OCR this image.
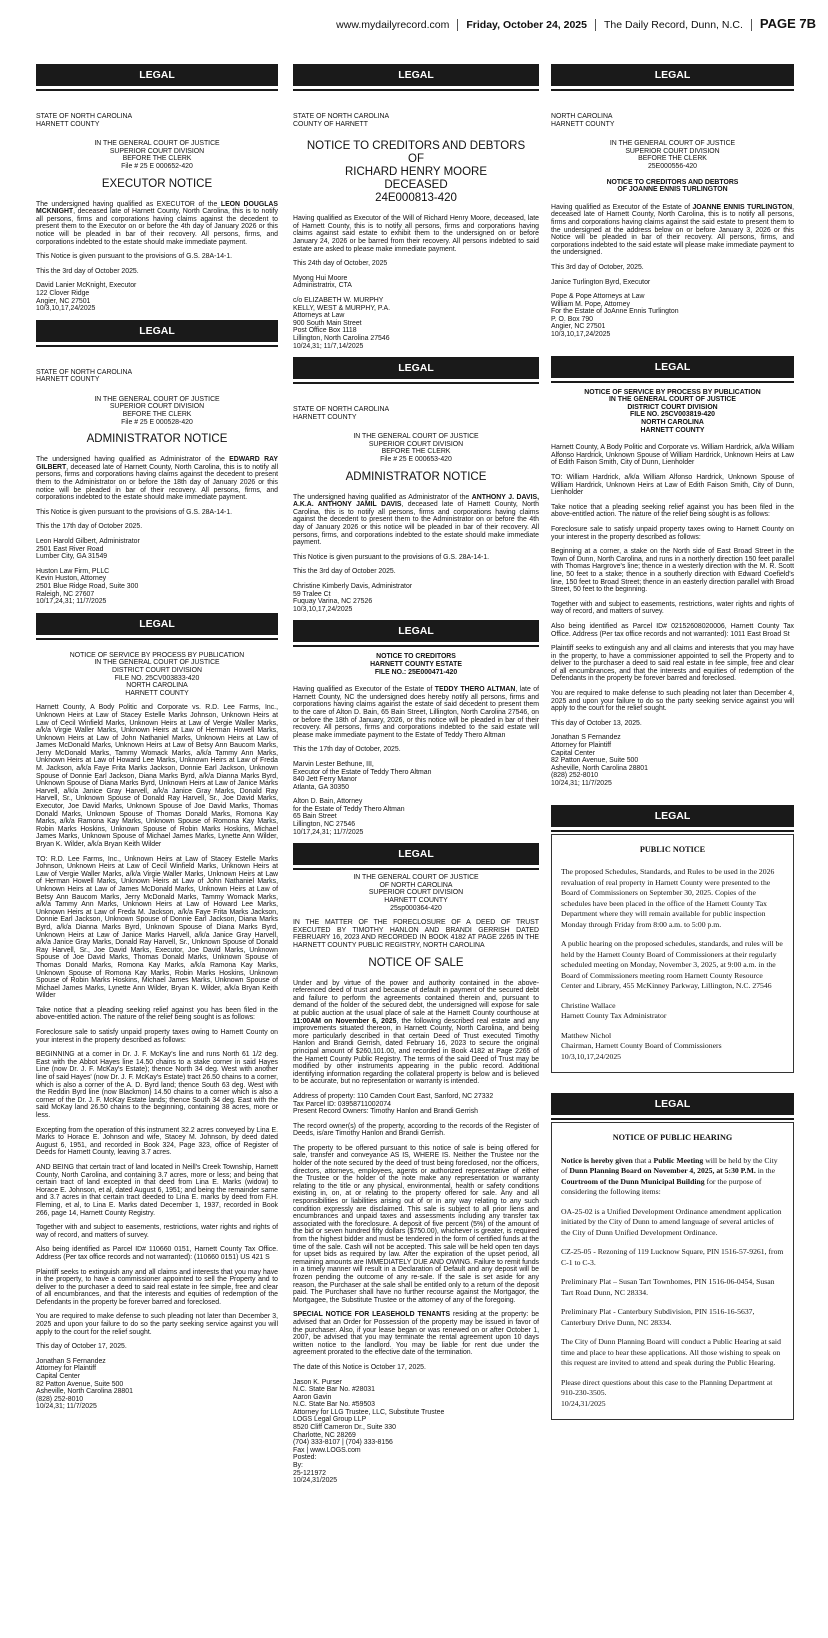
www.mydailyrecord.com Friday, October 24, 2025 The Daily Record, Dunn, N.C. PAGE 7B
LEGAL

STATE OF NORTH CAROLINA
HARNETT COUNTY

IN THE GENERAL COURT OF JUSTICE
SUPERIOR COURT DIVISION
BEFORE THE CLERK
File # 25 E 000652-420

EXECUTOR NOTICE

The undersigned having qualified as EXECUTOR of the LEON DOUGLAS MCKNIGHT, deceased late of Harnett County, North Carolina, this is to notify all persons, firms and corporations having claims against the decedent to present them to the Executor on or before the 4th day of January 2026 or this notice will be pleaded in bar of their recovery. All persons, firms, and corporations indebted to the estate should make immediate payment.

This Notice is given pursuant to the provisions of G.S. 28A-14-1.

This the 3rd day of October 2025.

David Lanier McKnight, Executor
122 Clover Ridge
Angier, NC 27501
10/3,10,17,24/2025

LEGAL

STATE OF NORTH CAROLINA
HARNETT COUNTY

IN THE GENERAL COURT OF JUSTICE
SUPERIOR COURT DIVISION
BEFORE THE CLERK
File # 25 E 000528-420

ADMINISTRATOR NOTICE

The undersigned having qualified as Administrator of the EDWARD RAY GILBERT, deceased late of Harnett County, North Carolina, this is to notify all persons, firms and corporations having claims against the decedent to present them to the Administrator on or before the 18th day of January 2026 or this notice will be pleaded in bar of their recovery. All persons, firms, and corporations indebted to the estate should make immediate payment.

This Notice is given pursuant to the provisions of G.S. 28A-14-1.

This the 17th day of October 2025.

Leon Harold Gilbert, Administrator
2501 East River Road
Lumber City, GA 31549

Huston Law Firm, PLLC
Kevin Huston, Attorney
2501 Blue Ridge Road, Suite 300
Raleigh, NC 27607
10/17,24,31; 11/7/2025

LEGAL

NOTICE OF SERVICE BY PROCESS BY PUBLICATION
IN THE GENERAL COURT OF JUSTICE
DISTRICT COURT DIVISION
FILE NO. 25CV003833-420
NORTH CAROLINA
HARNETT COUNTY

Harnett County, A Body Politic and Corporate vs. R.D. Lee Farms, Inc., Unknown Heirs at Law of Stacey Estelle Marks Johnson, Unknown Heirs at Law of Cecil Winfield Marks, Unknown Heirs at Law of Vergie Waller Marks, a/k/a Virgie Waller Marks, Unknown Heirs at Law of Herman Howell Marks, Unknown Heirs at Law of John Nathaniel Marks, Unknown Heirs at Law of James McDonald Marks, Unknown Heirs at Law of Betsy Ann Baucom Marks, Jerry McDonald Marks, Tammy Womack Marks, a/k/a Tammy Ann Marks, Unknown Heirs at Law of Howard Lee Marks, Unknown Heirs at Law of Freda M. Jackson, a/k/a Faye Frita Marks Jackson, Donnie Earl Jackson, Unknown Spouse of Donnie Earl Jackson, Diana Marks Byrd, a/k/a Dianna Marks Byrd, Unknown Spouse of Diana Marks Byrd, Unknown Heirs at Law of Janice Marks Harvell, a/k/a Janice Gray Harvell, a/k/a Janice Gray Marks, Donald Ray Harvell, Sr., Unknown Spouse of Donald Ray Harvell, Sr., Joe David Marks, Executor, Joe David Marks, Unknown Spouse of Joe David Marks, Thomas Donald Marks, Unknown Spouse of Thomas Donald Marks, Romona Kay Marks, a/k/a Ramona Kay Marks, Unknown Spouse of Romona Kay Marks, Robin Marks Hoskins, Unknown Spouse of Robin Marks Hoskins, Michael James Marks, Unknown Spouse of Michael James Marks, Lynette Ann Wilder, Bryan K. Wilder, a/k/a Bryan Keith Wilder

TO: R.D. Lee Farms, Inc., Unknown Heirs at Law of Stacey Estelle Marks Johnson, Unknown Heirs at Law of Cecil Winfield Marks, Unknown Heirs at Law of Vergie Waller Marks, a/k/a Virgie Waller Marks, Unknown Heirs at Law of Herman Howell Marks, Unknown Heirs at Law of John Nathaniel Marks, Unknown Heirs at Law of James McDonald Marks, Unknown Heirs at Law of Betsy Ann Baucom Marks, Jerry McDonald Marks, Tammy Womack Marks, a/k/a Tammy Ann Marks, Unknown Heirs at Law of Howard Lee Marks, Unknown Heirs at Law of Freda M. Jackson, a/k/a Faye Frita Marks Jackson, Donnie Earl Jackson, Unknown Spouse of Donnie Earl Jackson, Diana Marks Byrd, a/k/a Dianna Marks Byrd, Unknown Spouse of Diana Marks Byrd, Unknown Heirs at Law of Janice Marks Harvell, a/k/a Janice Gray Harvell, a/k/a Janice Gray Marks, Donald Ray Harvell, Sr., Unknown Spouse of Donald Ray Harvell, Sr., Joe David Marks, Executor, Joe David Marks, Unknown Spouse of Joe David Marks, Thomas Donald Marks, Unknown Spouse of Thomas Donald Marks, Romona Kay Marks, a/k/a Ramona Kay Marks, Unknown Spouse of Romona Kay Marks, Robin Marks Hoskins, Unknown Spouse of Robin Marks Hoskins, Michael James Marks, Unknown Spouse of Michael James Marks, Lynette Ann Wilder, Bryan K. Wilder, a/k/a Bryan Keith Wilder

Take notice that a pleading seeking relief against you has been filed in the above-entitled action. The nature of the relief being sought is as follows:

Foreclosure sale to satisfy unpaid property taxes owing to Harnett County on your interest in the property described as follows:

BEGINNING at a corner in Dr. J. F. McKay's line and runs North 61 1/2 deg. East with the Abbot Hayes line 14.50 chains to a stake corner in said Hayes Line (now Dr. J. F. McKay's Estate); thence North 34 deg. West with another line of said Hayes' (now Dr. J. F. McKay's Estate) tract 26.50 chains to a corner, which is also a corner of the A. D. Byrd land; thence South 63 deg. West with the Reddin Byrd line (now Blackmon) 14.50 chains to a corner which is also a corner of the Dr. J. F. McKay Estate lands; thence South 34 deg. East with the said McKay land 26.50 chains to the beginning, containing 38 acres, more or less.

Excepting from the operation of this instrument 32.2 acres conveyed by Lina E. Marks to Horace E. Johnson and wife, Stacey M. Johnson, by deed dated August 6, 1951, and recorded in Book 324, Page 323, office of Register of Deeds for Harnett County, leaving 3.7 acres.

AND BEING that certain tract of land located in Neill's Creek Township, Harnett County, North Carolina, and containing 3.7 acres, more or less; and being that certain tract of land excepted in that deed from Lina E. Marks (widow) to Horace E. Johnson, et al, dated August 6, 1951; and being the remainder same and 3.7 acres in that certain tract deeded to Lina E. marks by deed from F.H. Fleming, et al, to Lina E. Marks dated December 1, 1937, recorded in Book 266, page 14, Harnett County Registry.

Together with and subject to easements, restrictions, water rights and rights of way of record, and matters of survey.

Also being identified as Parcel ID# 110660 0151, Harnett County Tax Office. Address (Per tax office records and not warranted): (110660 0151) US 421 S

Plaintiff seeks to extinguish any and all claims and interests that you may have in the property, to have a commissioner appointed to sell the Property and to deliver to the purchaser a deed to said real estate in fee simple, free and clear of all encumbrances, and that the interests and equities of redemption of the Defendants in the property be forever barred and foreclosed.

You are required to make defense to such pleading not later than December 3, 2025 and upon your failure to do so the party seeking service against you will apply to the court for the relief sought.

This day of October 17, 2025.

Jonathan S Fernandez
Attorney for Plaintiff
Capital Center
82 Patton Avenue, Suite 500
Asheville, North Carolina 28801
(828) 252-8010
10/24,31; 11/7/2025

LEGAL

STATE OF NORTH CAROLINA
COUNTY OF HARNETT

NOTICE TO CREDITORS AND DEBTORS
OF
RICHARD HENRY MOORE
DECEASED
24E000813-420

Having qualified as Executor of the Will of Richard Henry Moore, deceased, late of Harnett County, this is to notify all persons, firms and corporations having claims against said estate to exhibit them to the undersigned on or before January 24, 2026 or be barred from their recovery. All persons indebted to said estate are asked to please make immediate payment.

This 24th day of October, 2025

Myong Hui Moore
Administratrix, CTA

c/o ELIZABETH W. MURPHY
KELLY, WEST & MURPHY, P.A.
Attorneys at Law
900 South Main Street
Post Office Box 1118
Lillington, North Carolina 27546
10/24,31; 11/7,14/2025

LEGAL

STATE OF NORTH CAROLINA
HARNETT COUNTY

IN THE GENERAL COURT OF JUSTICE
SUPERIOR COURT DIVISION
BEFORE THE CLERK
File # 25 E 000653-420

ADMINISTRATOR NOTICE

The undersigned having qualified as Administrator of the ANTHONY J. DAVIS, A.K.A. ANTHONY JAMIL DAVIS, deceased late of Harnett County, North Carolina, this is to notify all persons, firms and corporations having claims against the decedent to present them to the Administrator on or before the 4th day of January 2026 or this notice will be pleaded in bar of their recovery. All persons, firms, and corporations indebted to the estate should make immediate payment.

This Notice is given pursuant to the provisions of G.S. 28A-14-1.

This the 3rd day of October 2025.

Christine Kimberly Davis, Administrator
59 Tralee Ct
Fuquay Varina, NC 27526
10/3,10,17,24/2025

LEGAL

NOTICE TO CREDITORS
HARNETT COUNTY ESTATE
FILE NO.: 25E000471-420

Having qualified as Executor of the Estate of TEDDY THERO ALTMAN, late of Harnett County, NC the undersigned does hereby notify all persons, firms and corporations having claims against the estate of said decedent to present them to the care of Alton D. Bain, 65 Bain Street, Lillington, North Carolina 27546, on or before the 18th of January, 2026, or this notice will be pleaded in bar of their recovery. All persons, firms and corporations indebted to the said estate will please make immediate payment to the Estate of Teddy Thero Altman

This the 17th day of October, 2025.

Marvin Lester Bethune, III,
Executor of the Estate of Teddy Thero Altman
840 Jett Ferry Manor
Atlanta, GA 30350

Alton D. Bain, Attorney
for the Estate of Teddy Thero Altman
65 Bain Street
Lillington, NC 27546
10/17,24,31; 11/7/2025

LEGAL

IN THE GENERAL COURT OF JUSTICE
OF NORTH CAROLINA
SUPERIOR COURT DIVISION
HARNETT COUNTY
25sp000364-420

IN THE MATTER OF THE FORECLOSURE OF A DEED OF TRUST EXECUTED BY TIMOTHY HANLON AND BRANDI GERRISH DATED FEBRUARY 16, 2023 AND RECORDED IN BOOK 4182 AT PAGE 2265 IN THE HARNETT COUNTY PUBLIC REGISTRY, NORTH CAROLINA

NOTICE OF SALE

Under and by virtue of the power and authority contained in the above-referenced deed of trust and because of default in payment of the secured debt and failure to perform the agreements contained therein and, pursuant to demand of the holder of the secured debt, the undersigned will expose for sale at public auction at the usual place of sale at the Harnett County courthouse at 11:00AM on November 6, 2025, the following described real estate and any improvements situated thereon, in Harnett County, North Carolina, and being more particularly described in that certain Deed of Trust executed Timothy Hanlon and Brandi Gerrish, dated February 16, 2023 to secure the original principal amount of $260,101.00, and recorded in Book 4182 at Page 2265 of the Harnett County Public Registry. The terms of the said Deed of Trust may be modified by other instruments appearing in the public record. Additional identifying information regarding the collateral property is below and is believed to be accurate, but no representation or warranty is intended.

Address of property: 110 Camden Court East, Sanford, NC 27332
Tax Parcel ID: 03958711002074
Present Record Owners: Timothy Hanlon and Brandi Gerrish

The record owner(s) of the property, according to the records of the Register of Deeds, is/are Timothy Hanlon and Brandi Gerrish.

The property to be offered pursuant to this notice of sale is being offered for sale, transfer and conveyance AS IS, WHERE IS. Neither the Trustee nor the holder of the note secured by the deed of trust being foreclosed, nor the officers, directors, attorneys, employees, agents or authorized representative of either the Trustee or the holder of the note make any representation or warranty relating to the title or any physical, environmental, health or safety conditions existing in, on, at or relating to the property offered for sale. Any and all responsibilities or liabilities arising out of or in any way relating to any such condition expressly are disclaimed. This sale is subject to all prior liens and encumbrances and unpaid taxes and assessments including any transfer tax associated with the foreclosure. A deposit of five percent (5%) of the amount of the bid or seven hundred fifty dollars ($750.00), whichever is greater, is required from the highest bidder and must be tendered in the form of certified funds at the time of the sale. Cash will not be accepted. This sale will be held open ten days for upset bids as required by law. After the expiration of the upset period, all remaining amounts are IMMEDIATELY DUE AND OWING. Failure to remit funds in a timely manner will result in a Declaration of Default and any deposit will be frozen pending the outcome of any re-sale. If the sale is set aside for any reason, the Purchaser at the sale shall be entitled only to a return of the deposit paid. The Purchaser shall have no further recourse against the Mortgagor, the Mortgagee, the Substitute Trustee or the attorney of any of the foregoing.

SPECIAL NOTICE FOR LEASEHOLD TENANTS residing at the property: be advised that an Order for Possession of the property may be issued in favor of the purchaser. Also, if your lease began or was renewed on or after October 1, 2007, be advised that you may terminate the rental agreement upon 10 days written notice to the landlord. You may be liable for rent due under the agreement prorated to the effective date of the termination.

The date of this Notice is October 17, 2025.

Jason K. Purser
N.C. State Bar No. #28031
Aaron Gavin
N.C. State Bar No. #59503
Attorney for LLG Trustee, LLC, Substitute Trustee
LOGS Legal Group LLP
8520 Cliff Cameron Dr., Suite 330
Charlotte, NC 28269
(704) 333-8107 | (704) 333-8156
Fax | www.LOGS.com
Posted:
By:
25-121972
10/24,31/2025

LEGAL

NORTH CAROLINA
HARNETT COUNTY

IN THE GENERAL COURT OF JUSTICE
SUPERIOR COURT DIVISION
BEFORE THE CLERK
25E000556-420

NOTICE TO CREDITORS AND DEBTORS
OF JOANNE ENNIS TURLINGTON

Having qualified as Executor of the Estate of JOANNE ENNIS TURLINGTON, deceased late of Harnett County, North Carolina, this is to notify all persons, firms and corporations having claims against the said estate to present them to the undersigned at the address below on or before January 3, 2026 or this Notice will be pleaded in bar of their recovery. All persons, firms, and corporations indebted to the said estate will please make immediate payment to the undersigned.

This 3rd day of October, 2025.

Janice Turlington Byrd, Executor

Pope & Pope Attorneys at Law
William M. Pope, Attorney
For the Estate of JoAnne Ennis Turlington
P. O. Box 790
Angier, NC 27501
10/3,10,17,24/2025

LEGAL

NOTICE OF SERVICE BY PROCESS BY PUBLICATION
IN THE GENERAL COURT OF JUSTICE
DISTRICT COURT DIVISION
FILE NO. 25CV003819-420
NORTH CAROLINA
HARNETT COUNTY

Harnett County, A Body Politic and Corporate vs. William Hardrick, a/k/a William Alfonso Hardrick, Unknown Spouse of William Hardrick, Unknown Heirs at Law of Edith Faison Smith, City of Dunn, Lienholder

TO: William Hardrick, a/k/a William Alfonso Hardrick, Unknown Spouse of William Hardrick, Unknown Heirs at Law of Edith Faison Smith, City of Dunn, Lienholder

Take notice that a pleading seeking relief against you has been filed in the above-entitled action. The nature of the relief being sought is as follows:

Foreclosure sale to satisfy unpaid property taxes owing to Harnett County on your interest in the property described as follows:

Beginning at a corner, a stake on the North side of East Broad Street in the Town of Dunn, North Carolina, and runs in a northerly direction 150 feet parallel with Thomas Hargrove's line; thence in a westerly direction with the M. R. Scott line, 50 feet to a stake; thence in a southerly direction with Edward Coefield's line, 150 feet to Broad Street; thence in an easterly direction parallel with Broad Street, 50 feet to the beginning.

Together with and subject to easements, restrictions, water rights and rights of way of record, and matters of survey.

Also being identified as Parcel ID# 02152608020006, Harnett County Tax Office. Address (Per tax office records and not warranted): 1011 East Broad St

Plaintiff seeks to extinguish any and all claims and interests that you may have in the property, to have a commissioner appointed to sell the Property and to deliver to the purchaser a deed to said real estate in fee simple, free and clear of all encumbrances, and that the interests and equities of redemption of the Defendants in the property be forever barred and foreclosed.

You are required to make defense to such pleading not later than December 4, 2025 and upon your failure to do so the party seeking service against you will apply to the court for the relief sought.

This day of October 13, 2025.

Jonathan S Fernandez
Attorney for Plaintiff
Capital Center
82 Patton Avenue, Suite 500
Asheville, North Carolina 28801
(828) 252-8010
10/24,31; 11/7/2025

LEGAL

PUBLIC NOTICE

The proposed Schedules, Standards, and Rules to be used in the 2026 revaluation of real property in Harnett County were presented to the Board of Commissioners on September 30, 2025. Copies of the schedules have been placed in the office of the Harnett County Tax Department where they will remain available for public inspection Monday through Friday from 8:00 a.m. to 5:00 p.m.

A public hearing on the proposed schedules, standards, and rules will be held by the Harnett County Board of Commissioners at their regularly scheduled meeting on Monday, November 3, 2025, at 9:00 a.m. in the Board of Commissioners meeting room Harnett County Resource Center and Library, 455 McKinney Parkway, Lillington, N.C. 27546

Christine Wallace
Harnett County Tax Administrator

Matthew Nichol
Chairman, Harnett County Board of Commissioners
10/3,10,17,24/2025

LEGAL

NOTICE OF PUBLIC HEARING

Notice is hereby given that a Public Meeting will be held by the City of Dunn Planning Board on November 4, 2025, at 5:30 P.M. in the Courtroom of the Dunn Municipal Building for the purpose of considering the following items:

OA-25-02 is a Unified Development Ordinance amendment application initiated by the City of Dunn to amend language of several articles of the City of Dunn Unified Development Ordinance.

CZ-25-05 - Rezoning of 119 Lucknow Square, PIN 1516-57-9261, from C-1 to C-3.

Preliminary Plat – Susan Tart Townhomes, PIN 1516-06-0454, Susan Tart Road Dunn, NC 28334.

Preliminary Plat - Canterbury Subdivision, PIN 1516-16-5637, Canterbury Drive Dunn, NC 28334.

The City of Dunn Planning Board will conduct a Public Hearing at said time and place to hear these applications. All those wishing to speak on this request are invited to attend and speak during the Public Hearing.

Please direct questions about this case to the Planning Department at 910-230-3505.

10/24,31/2025
